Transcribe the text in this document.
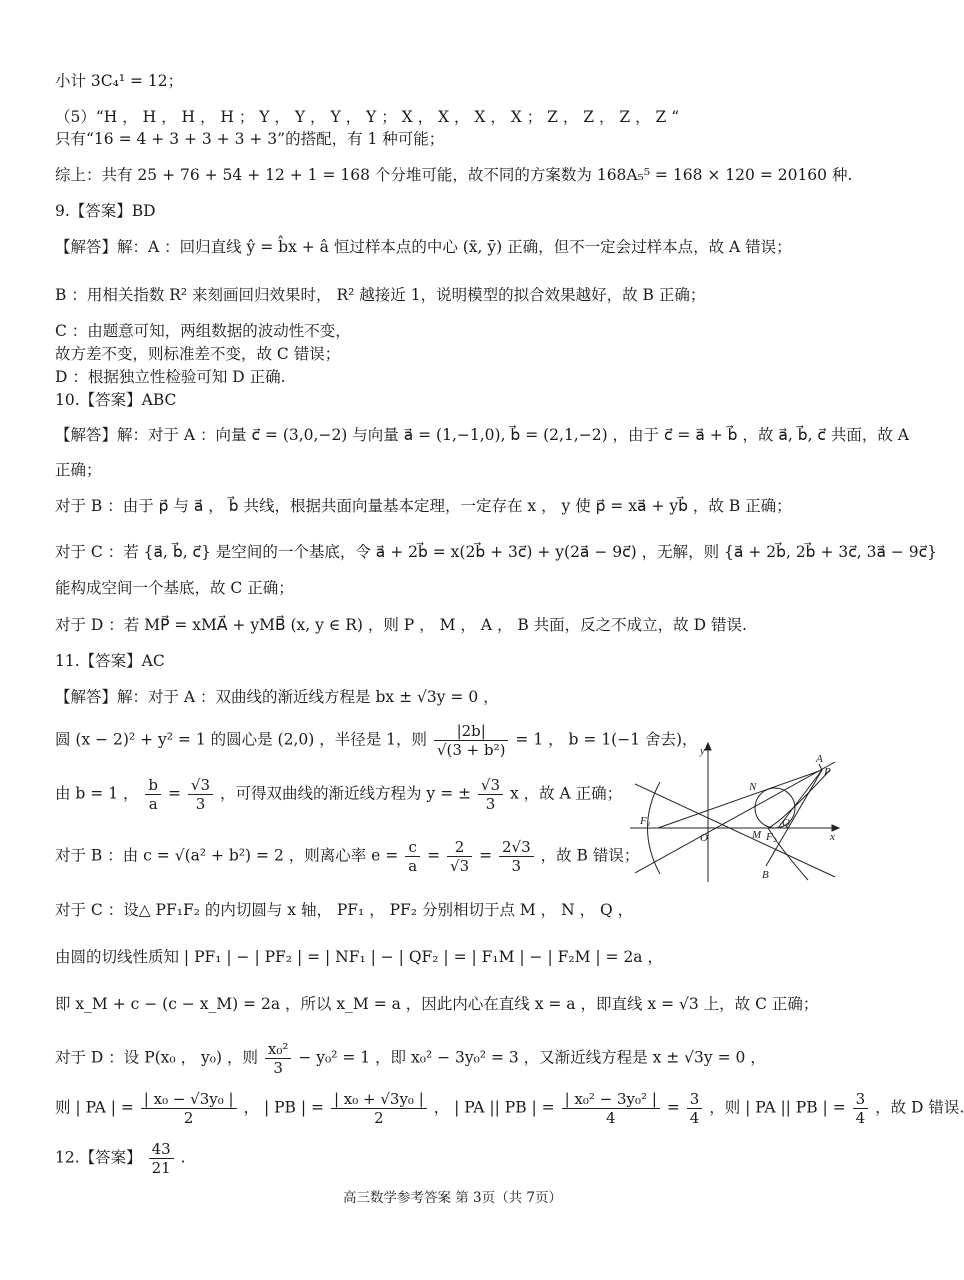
小计 3C₄¹ = 12；
（5）“H ， H ， H ， H ； Y ， Y ， Y ， Y ； X ， X ， X ， X ； Z ， Z ， Z ， Z “
只有“16 = 4 + 3 + 3 + 3 + 3”的搭配，有 1 种可能；
综上：共有 25 + 76 + 54 + 12 + 1 = 168 个分堆可能，故不同的方案数为 168A₅⁵ = 168 × 120 = 20160 种.
9.【答案】BD
【解答】解：A ：回归直线 ŷ = b̂x + â 恒过样本点的中心 (x̄, ȳ) 正确，但不一定会过样本点，故 A 错误；
B ：用相关指数 R² 来刻画回归效果时， R² 越接近 1，说明模型的拟合效果越好，故 B 正确；
C ：由题意可知，两组数据的波动性不变，
故方差不变，则标准差不变，故 C 错误；
D ：根据独立性检验可知 D 正确.
10.【答案】ABC
【解答】解：对于 A ：向量 c⃗ = (3,0,−2) 与向量 a⃗ = (1,−1,0), b⃗ = (2,1,−2) ，由于 c⃗ = a⃗ + b⃗ ，故 a⃗, b⃗, c⃗ 共面，故 A
正确；
对于 B ：由于 p⃗ 与 a⃗ ， b⃗ 共线，根据共面向量基本定理，一定存在 x ， y 使 p⃗ = xa⃗ + yb⃗ ，故 B 正确；
对于 C ：若 {a⃗, b⃗, c⃗} 是空间的一个基底，令 a⃗ + 2b⃗ = x(2b⃗ + 3c⃗) + y(2a⃗ − 9c⃗) ，无解，则 {a⃗ + 2b⃗, 2b⃗ + 3c⃗, 3a⃗ − 9c⃗}
能构成空间一个基底，故 C 正确；
对于 D ：若 MP⃗ = xMA⃗ + yMB⃗ (x, y ∈ R) ，则 P ， M ， A ， B 共面，反之不成立，故 D 错误.
11.【答案】AC
【解答】解：对于 A ：双曲线的渐近线方程是 bx ± √3y = 0 ，
圆 (x − 2)² + y² = 1 的圆心是 (2,0) ，半径是 1，则 $\frac{|2b|}{\text{√(3 + b²)}} = 1$ ， b = 1(−1 舍去)，
由 b = 1 ， $\frac{b}{a} = \frac{√3}{3}$ ，可得双曲线的渐近线方程为 y = ± $\frac{√3}{3}$ x ，故 A 正确；
对于 B ：由 c = √(a² + b²) = 2 ，则离心率 $e = \frac{c}{a} = \frac{2}{√3} = \frac{2√3}{3}$ ，故 B 错误；
对于 C ：设△ PF₁F₂ 的内切圆与 x 轴， PF₁ ， PF₂ 分别相切于点 M ， N ， Q ，
由圆的切线性质知 | PF₁ | − | PF₂ | = | NF₁ | − | QF₂ | = | F₁M | − | F₂M | = 2a ，
即 x_M + c − (c − x_M) = 2a ，所以 x_M = a ，因此内心在直线 x = a ，即直线 x = √3 上，故 C 正确；
对于 D ：设 P(x₀ ， y₀) ，则 $\frac{\text{x₀²}}{3} - y_0^2 = 1$ ，即 x₀² − 3y₀² = 3 ，又渐近线方程是 x ± √3y = 0 ，
则 | PA | = $\frac{\text{| x₀ − √3y₀ |}}{2}$ ， | PB | = $\frac{\text{| x₀ + √3y₀ |}}{2}$ ， | PA || PB | = $\frac{\text{| x₀² − 3y₀² |}}{4} = \frac{3}{4}$ ，则 | PA || PB | = $\frac{3}{4}$ ，故 D 错误.
12.【答案】 $\frac{43}{21}$ .
y
x
A
P
N
Q
M
F₁
F₂
O
B
高三数学参考答案 第 3页（共 7页）
